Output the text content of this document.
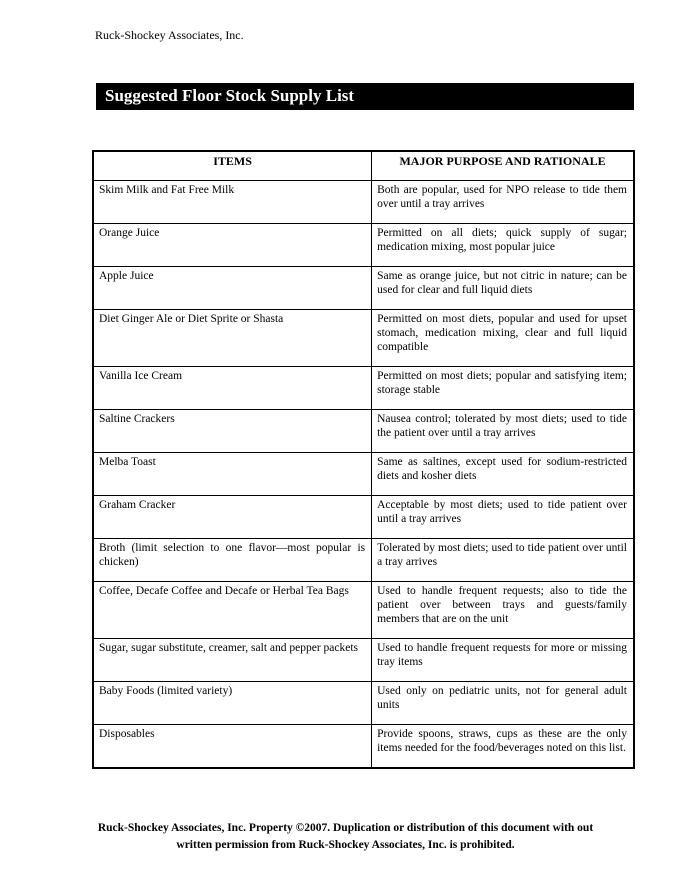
Ruck-Shockey Associates, Inc.
Suggested Floor Stock Supply List
ITEMS	MAJOR PURPOSE AND RATIONALE
Skim Milk and Fat Free Milk	Both are popular, used for NPO release to tide them over until a tray arrives
Orange Juice	Permitted on all diets; quick supply of sugar; medication mixing, most popular juice
Apple Juice	Same as orange juice, but not citric in nature; can be used for clear and full liquid diets
Diet Ginger Ale or Diet Sprite or Shasta	Permitted on most diets, popular and used for upset stomach, medication mixing, clear and full liquid compatible
Vanilla Ice Cream	Permitted on most diets; popular and satisfying item; storage stable
Saltine Crackers	Nausea control; tolerated by most diets; used to tide the patient over until a tray arrives
Melba Toast	Same as saltines, except used for sodium-restricted diets and kosher diets
Graham Cracker	Acceptable by most diets; used to tide patient over until a tray arrives
Broth (limit selection to one flavor—most popular is chicken)	Tolerated by most diets; used to tide patient over until a tray arrives
Coffee, Decafe Coffee and Decafe or Herbal Tea Bags	Used to handle frequent requests; also to tide the patient over between trays and guests/family members that are on the unit
Sugar, sugar substitute, creamer, salt and pepper packets	Used to handle frequent requests for more or missing tray items
Baby Foods (limited variety)	Used only on pediatric units, not for general adult units
Disposables	Provide spoons, straws, cups as these are the only items needed for the food/beverages noted on this list.
Ruck-Shockey Associates, Inc. Property ©2007. Duplication or distribution of this document with out
written permission from Ruck-Shockey Associates, Inc. is prohibited.
